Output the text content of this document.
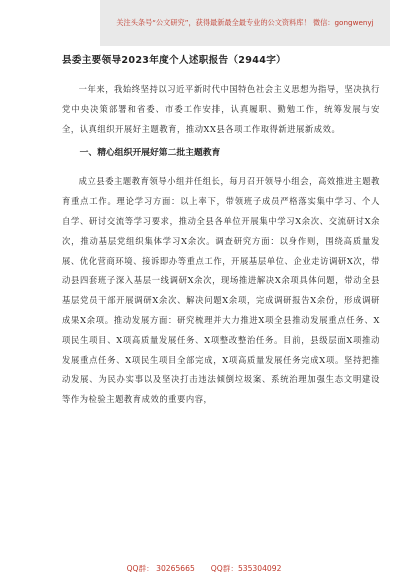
关注头条号“公文研究”，获得最新最全最专业的公文资料库！ 微信：gongwenyj

县委主要领导2023年度个人述职报告（2944字）

一年来，我始终坚持以习近平新时代中国特色社会主义思想为指导，坚决执行党中央决策部署和省委、市委工作安排，认真履职、勤勉工作，统筹发展与安全，认真组织开展好主题教育，推动XX县各项工作取得新进展新成效。

一、精心组织开展好第二批主题教育

成立县委主题教育领导小组并任组长，每月召开领导小组会，高效推进主题教育重点工作。理论学习方面：以上率下，带领班子成员严格落实集中学习、个人自学、研讨交流等学习要求，推动全县各单位开展集中学习X余次、交流研讨X余次，推动基层党组织集体学习X余次。调查研究方面：以身作则，围绕高质量发展、优化营商环境、接诉即办等重点工作，开展基层单位、企业走访调研X次，带动县四套班子深入基层一线调研X余次，现场推进解决X余项具体问题，带动全县基层党员干部开展调研X余次、解决问题X余项，完成调研报告X余份，形成调研成果X余项。推动发展方面：研究梳理并大力推进X项全县推动发展重点任务、X项民生项目、X项高质量发展任务、X项整改整治任务。目前，县级层面X项推动发展重点任务、X项民生项目全部完成，X项高质量发展任务完成X项。坚持把推动发展、为民办实事以及坚决打击违法倾倒垃圾案、系统治理加强生态文明建设等作为检验主题教育成效的重要内容，

QQ群： 30265665 QQ群：535304092
